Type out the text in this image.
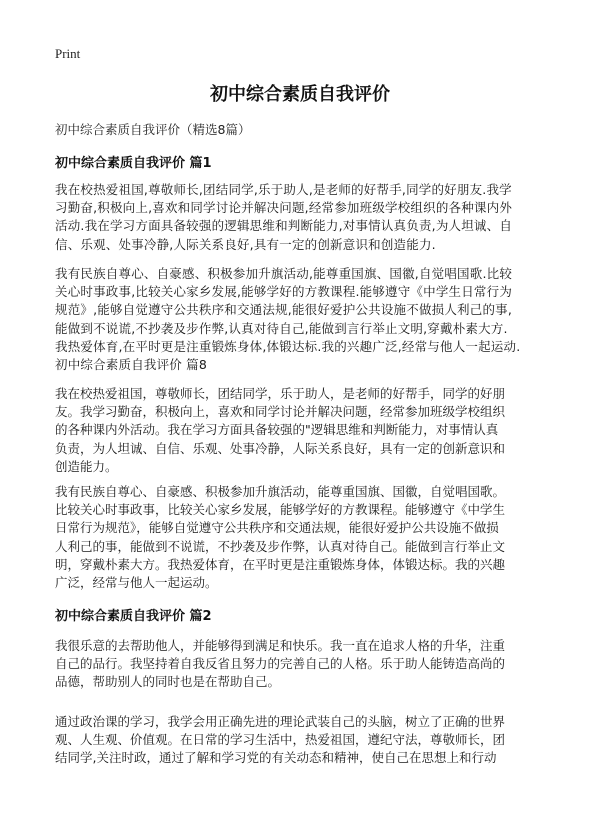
Print
初中综合素质自我评价
初中综合素质自我评价（精选8篇）
初中综合素质自我评价 篇1

我在校热爱祖国,尊敬师长,团结同学,乐于助人,是老师的好帮手,同学的好朋友.我学
习勤奋,积极向上,喜欢和同学讨论并解决问题,经常参加班级学校组织的各种课内外
活动.我在学习方面具备较强的逻辑思维和判断能力,对事情认真负责,为人坦诚、自
信、乐观、处事冷静,人际关系良好,具有一定的创新意识和创造能力.

我有民族自尊心、自豪感、积极参加升旗活动,能尊重国旗、国徽,自觉唱国歌.比较
关心时事政事,比较关心家乡发展,能够学好的方教课程.能够遵守《中学生日常行为
规范》,能够自觉遵守公共秩序和交通法规,能很好爱护公共设施不做损人利己的事,
能做到不说谎,不抄袭及步作弊,认真对待自己,能做到言行举止文明,穿戴朴素大方.
我热爱体育,在平时更是注重锻炼身体,体锻达标.我的兴趣广泛,经常与他人一起运动.
初中综合素质自我评价 篇8

我在校热爱祖国，尊敬师长，团结同学，乐于助人，是老师的好帮手，同学的好朋
友。我学习勤奋，积极向上，喜欢和同学讨论并解决问题，经常参加班级学校组织
的各种课内外活动。我在学习方面具备较强的"逻辑思维和判断能力，对事情认真
负责，为人坦诚、自信、乐观、处事冷静，人际关系良好，具有一定的创新意识和
创造能力。

我有民族自尊心、自豪感、积极参加升旗活动，能尊重国旗、国徽，自觉唱国歌。
比较关心时事政事，比较关心家乡发展，能够学好的方教课程。能够遵守《中学生
日常行为规范》，能够自觉遵守公共秩序和交通法规，能很好爱护公共设施不做损
人利己的事，能做到不说谎，不抄袭及步作弊，认真对待自己。能做到言行举止文
明，穿戴朴素大方。我热爱体育，在平时更是注重锻炼身体，体锻达标。我的兴趣
广泛，经常与他人一起运动。

初中综合素质自我评价 篇2

我很乐意的去帮助他人，并能够得到满足和快乐。我一直在追求人格的升华，注重
自己的品行。我坚持着自我反省且努力的完善自己的人格。乐于助人能铸造高尚的
品德，帮助别人的同时也是在帮助自己。

通过政治课的学习，我学会用正确先进的理论武装自己的头脑，树立了正确的世界
观、人生观、价值观。在日常的学习生活中，热爱祖国，遵纪守法，尊敬师长，团
结同学,关注时政，通过了解和学习党的有关动态和精神，使自己在思想上和行动
